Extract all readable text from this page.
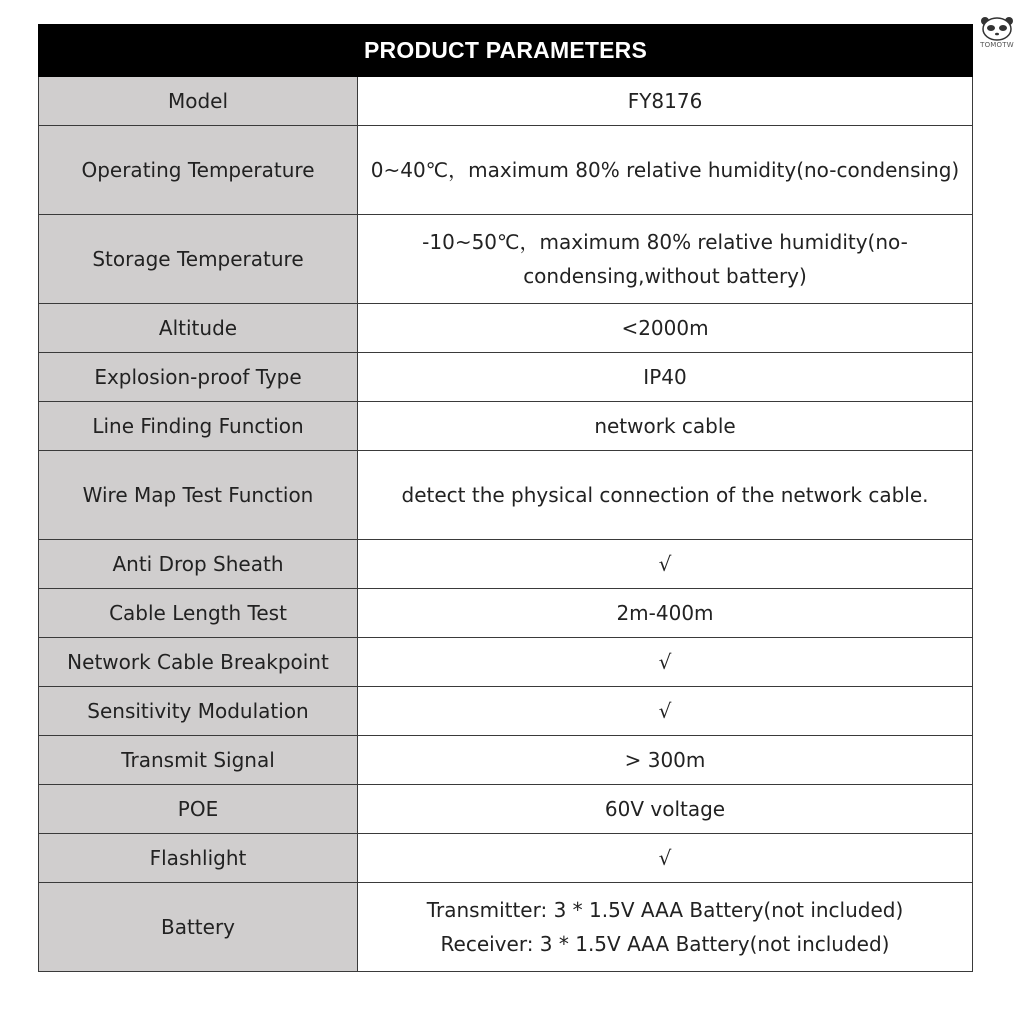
TOMOTW
PRODUCT PARAMETERS	
Model	FY8176
Operating Temperature	0~40℃，maximum 80% relative humidity(no-condensing)
Storage Temperature	-10~50℃，maximum 80% relative humidity(no-
condensing,without battery)

Altitude	<2000m
Explosion-proof Type	IP40
Line Finding Function	network cable
Wire Map Test Function	detect the physical connection of the network cable.
Anti Drop Sheath	√
Cable Length Test	2m-400m
Network Cable Breakpoint	√
Sensitivity Modulation	√
Transmit Signal	> 300m
POE	60V voltage
Flashlight	√
Battery	Transmitter: 3 * 1.5V AAA Battery(not included)
Receiver: 3 * 1.5V AAA Battery(not included)
